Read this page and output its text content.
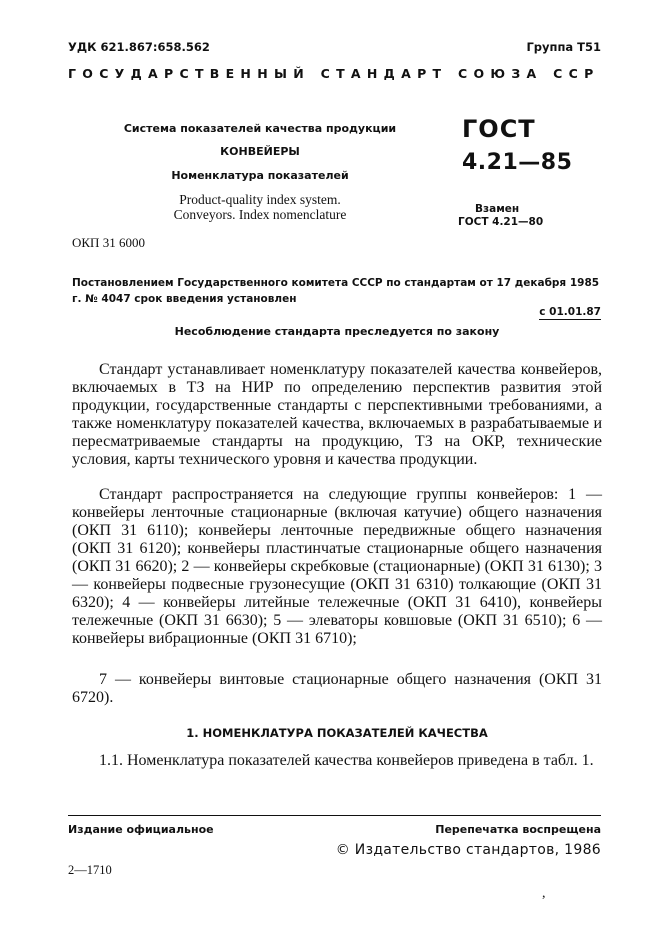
УДК 621.867:658.562	Группа Т51
ГОСУДАРСТВЕННЫЙ СТАНДАРТ СОЮЗА ССР
Система показателей качества продукции
КОНВЕЙЕРЫ
Номенклатура показателей
Product-quality index system.
Conveyors. Index nomenclature
ОКП 31 6000
ГОСТ
4.21—85
Взамен
ГОСТ 4.21—80
Постановлением Государственного комитета СССР по стандартам от 17 декабря 1985 г. № 4047 срок введения установлен
с 01.01.87
Несоблюдение стандарта преследуется по закону

Стандарт устанавливает номенклатуру показателей качества конвейеров, включаемых в ТЗ на НИР по определению перспектив развития этой продукции, государственные стандарты с перспективными требованиями, а также номенклатуру показателей качества, включаемых в разрабатываемые и пересматриваемые стандарты на продукцию, ТЗ на ОКР, технические условия, карты технического уровня и качества продукции.

Стандарт распространяется на следующие группы конвейеров: 1 — конвейеры ленточные стационарные (включая катучие) общего назначения (ОКП 31 6110); конвейеры ленточные передвижные общего назначения (ОКП 31 6120); конвейеры пластинчатые стационарные общего назначения (ОКП 31 6620); 2 — конвейеры скребковые (стационарные) (ОКП 31 6130); 3 — конвейеры подвесные грузонесущие (ОКП 31 6310) толкающие (ОКП 31 6320); 4 — конвейеры литейные тележечные (ОКП 31 6410), конвейеры тележечные (ОКП 31 6630); 5 — элеваторы ковшовые (ОКП 31 6510); 6 — конвейеры вибрационные (ОКП 31 6710);

7 — конвейеры винтовые стационарные общего назначения (ОКП 31 6720).

1. НОМЕНКЛАТУРА ПОКАЗАТЕЛЕЙ КАЧЕСТВА

1.1. Номенклатура показателей качества конвейеров приведена в табл. 1.

Издание официальное	Перепечатка воспрещена
© Издательство стандартов, 1986
2—1710
,
